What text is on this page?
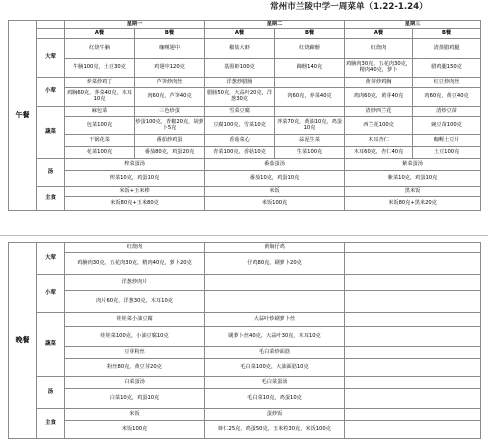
常州市兰陵中学一周菜单（1.22-1.24）
午餐		星期一		星期二		星期三	
		A餐	B餐	A餐	B餐	A餐	B餐
	大荤	红烧牛腩	咖喱翅中	椒盐大虾	红烧蹄髈	红烧肉	清蒸腊鸡腿
		牛腩100克，土豆30克	鸡翅中120克	基围虾100克	蹄髈140克	鸡腩肉30克，五花肉30克，精肉40克，萝卜	腊鸡腿150克
	小荤	养菜炒鸡丁	芦笋炒肉丝	洋葱炒腊肠		黄芽炒鸡胸	红豆炒肉丝
		鸡胸60克，荠菜40克，木耳10克	肉60克，芦笋40克	腊肠50克，大蒜叶20克，洋葱30克	肉60克，养菜40克	鸡肉60克，黄芽40克	肉60克，黄豆40克
	蔬菜	麻包菜	三色炒蛋	雪菜豆腐		清炒西兰花	清炒豆苗
		包菜100克	炒蛋100克，青椒20克，胡萝卜5克	豆腐100克，雪菜10克	荠菜70克，黄油10克，鸡蛋10克	西兰花100克	豌豆苗100克
		干锅花菜	番茄炒鸡蛋	香菇菜心	蒜泥生菜	木耳杏仁	咖喱土豆片
		花菜100克	番茄80克，鸡蛋20克	青菜100克，香菇10克	生菜100克	木耳60克，杏仁40克	土豆100克
	汤	榨菜蛋汤		番茄蛋汤		紫菜蛋汤	
		榨菜10克，鸡蛋10克		番茄10克，鸡蛋10克		紫菜10克，鸡蛋10克	
	主食	米饭+玉米棒		米饭		黑米饭	
		米饭80克+玉米80克		米饭100克		米饭80克+黑米20克	
晚餐	大荤	红烧肉	黄焖仔鸡	
		鸡腩肉30克，五花肉30克，精肉40克，萝卜20克	仔鸡80克，刷萝卜20克	
	小荤	洋葱炒肉片		
		肉片60克，洋葱30克，木耳10克		
	蔬菜	娃娃菜小油豆腐	大蒜叶炒刷萝卜丝	
		娃娃菜100克，小油豆腐10克	刷萝卜丝40克，大蒜叶30克，木耳10克	
		豆芽粉丝	毛白菜炒面筋	
		粉丝80克，黄豆芽20克	毛白菜100克，大油面筋10克	
	汤	白菜蛋汤	毛白菜蛋汤	
		白菜10克，鸡蛋10克	毛白菜10克，鸡蛋10克	
	主食	米饭	蛋炒饭	
		米饭100克	虾仁25克，鸡蛋50克，玉米粒30克，米饭100克	
